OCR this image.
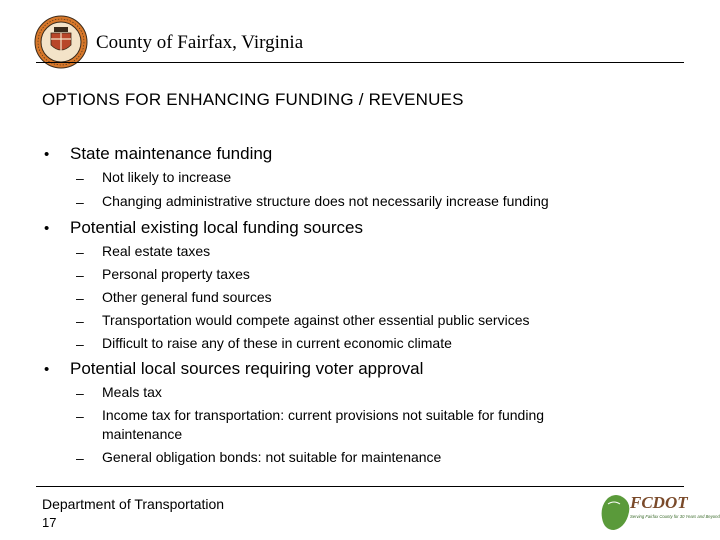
County of Fairfax, Virginia
OPTIONS FOR ENHANCING FUNDING / REVENUES
• State maintenance funding
– Not likely to increase
– Changing administrative structure does not necessarily increase funding
• Potential existing local funding sources
– Real estate taxes
– Personal property taxes
– Other general fund sources
– Transportation would compete against other essential public services
– Difficult to raise any of these in current economic climate
• Potential local sources requiring voter approval
– Meals tax
– Income tax for transportation: current provisions not suitable for funding maintenance
– General obligation bonds: not suitable for maintenance
Department of Transportation
17
FCDOT
Serving Fairfax County for 30 Years and Beyond
